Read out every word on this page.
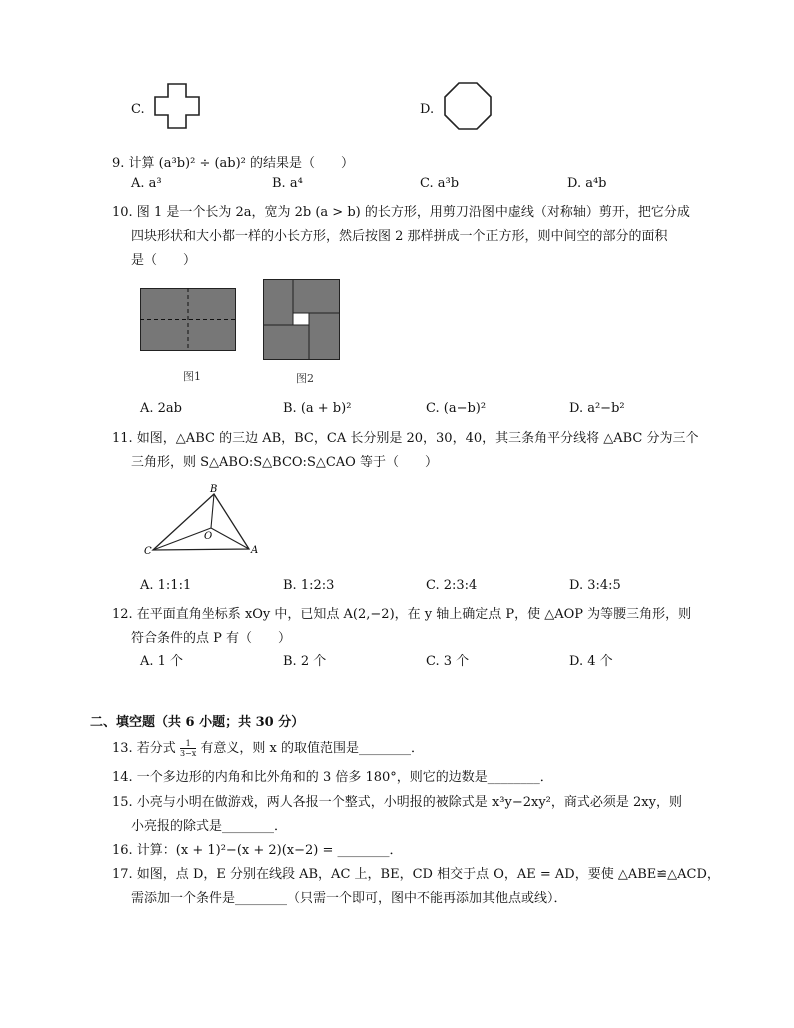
C.	D.
9. 计算 (a³b)² ÷ (ab)² 的结果是（　　）
A. a³	B. a⁴	C. a³b	D. a⁴b
10. 图 1 是一个长为 2a，宽为 2b (a > b) 的长方形，用剪刀沿图中虚线（对称轴）剪开，把它分成
四块形状和大小都一样的小长方形，然后按图 2 那样拼成一个正方形，则中间空的部分的面积
是（　　）
图1	图2
A. 2ab	B. (a + b)²	C. (a−b)²	D. a²−b²
11. 如图，△ABC 的三边 AB，BC，CA 长分别是 20，30，40，其三条角平分线将 △ABC 分为三个
三角形，则 S△ABO:S△BCO:S△CAO 等于（　　）
B
O
C	A
A. 1:1:1	B. 1:2:3	C. 2:3:4	D. 3:4:5
12. 在平面直角坐标系 xOy 中，已知点 A(2,−2)，在 y 轴上确定点 P，使 △AOP 为等腰三角形，则
符合条件的点 P 有（　　）
A. 1 个	B. 2 个	C. 3 个	D. 4 个
二、填空题（共 6 小题；共 30 分）
13. 若分式 $\frac{1}{3-x}$ 有意义，则 x 的取值范围是________．
14. 一个多边形的内角和比外角和的 3 倍多 180°，则它的边数是________．
15. 小亮与小明在做游戏，两人各报一个整式，小明报的被除式是 x³y−2xy²，商式必须是 2xy，则
小亮报的除式是________．
16. 计算：(x + 1)²−(x + 2)(x−2) = ________．
17. 如图，点 D，E 分别在线段 AB，AC 上，BE，CD 相交于点 O，AE = AD，要使 △ABE≌△ACD，
需添加一个条件是________（只需一个即可，图中不能再添加其他点或线）．
